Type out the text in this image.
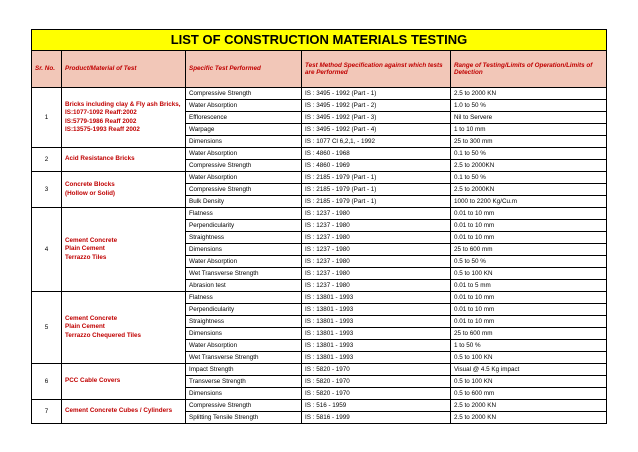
LIST OF CONSTRUCTION MATERIALS TESTING				
Sr. No.	Product/Material of Test	Specific Test Performed	Test Method Specification against which tests are Performed	Range of Testing/Limits of Operation/Limits of Detection
1	Bricks including clay & Fly ash Bricks,
IS:1077-1092 Reaff:2002
IS:5779-1986 Reaff 2002
IS:13575-1993 Reaff 2002	Compressive Strength	IS : 3495 - 1992 (Part - 1)	2.5 to 2000 KN
		Water Absorption	IS : 3495 - 1992 (Part - 2)	1.0 to 50 %
		Efflorescence	IS : 3495 - 1992 (Part - 3)	Nil to Servere
		Warpage	IS : 3495 - 1992 (Part - 4)	1 to 10 mm
		Dimensions	IS : 1077 Cl 6,2,1, - 1992	25 to 300 mm
2	Acid Resistance Bricks	Water Absorption	IS : 4860 - 1968	0.1 to 50 %
		Compressive Strength	IS : 4860 - 1969	2.5 to 2000KN
3	Concrete Blocks
(Hollow or Solid)	Water Absorption	IS : 2185 - 1979 (Part - 1)	0.1 to 50 %
		Compressive Strength	IS : 2185 - 1979 (Part - 1)	2.5 to 2000KN
		Bulk Density	IS : 2185 - 1979 (Part - 1)	1000 to 2200 Kg/Cu.m
4	Cement Concrete
Plain Cement
Terrazzo Tiles	Flatness	IS : 1237 - 1980	0.01 to 10 mm
		Perpendicularity	IS : 1237 - 1980	0.01 to 10 mm
		Straightness	IS : 1237 - 1980	0.01 to 10 mm
		Dimensions	IS : 1237 - 1980	25 to 600 mm
		Water Absorption	IS : 1237 - 1980	0.5 to 50 %
		Wet Transverse Strength	IS : 1237 - 1980	0.5 to 100 KN
		Abrasion test	IS : 1237 - 1980	0.01 to 5 mm
5	Cement Concrete
Plain Cement
Terrazzo Chequered Tiles	Flatness	IS : 13801 - 1993	0.01 to 10 mm
		Perpendicularity	IS : 13801 - 1993	0.01 to 10 mm
		Straightness	IS : 13801 - 1993	0.01 to 10 mm
		Dimensions	IS : 13801 - 1993	25 to 600 mm
		Water Absorption	IS : 13801 - 1993	1 to 50 %
		Wet Transverse Strength	IS : 13801 - 1993	0.5 to 100 KN
6	PCC Cable Covers	Impact Strength	IS : 5820 - 1970	Visual @ 4.5 Kg impact
		Transverse Strength	IS : 5820 - 1970	0.5 to 100 KN
		Dimensions	IS : 5820 - 1970	0.5 to 600 mm
7	Cement Concrete Cubes / Cylinders	Compressive Strength	IS : 516 - 1959	2.5 to 2000 KN
		Splitting Tensile Strength	IS : 5816 - 1999	2.5 to 2000 KN
